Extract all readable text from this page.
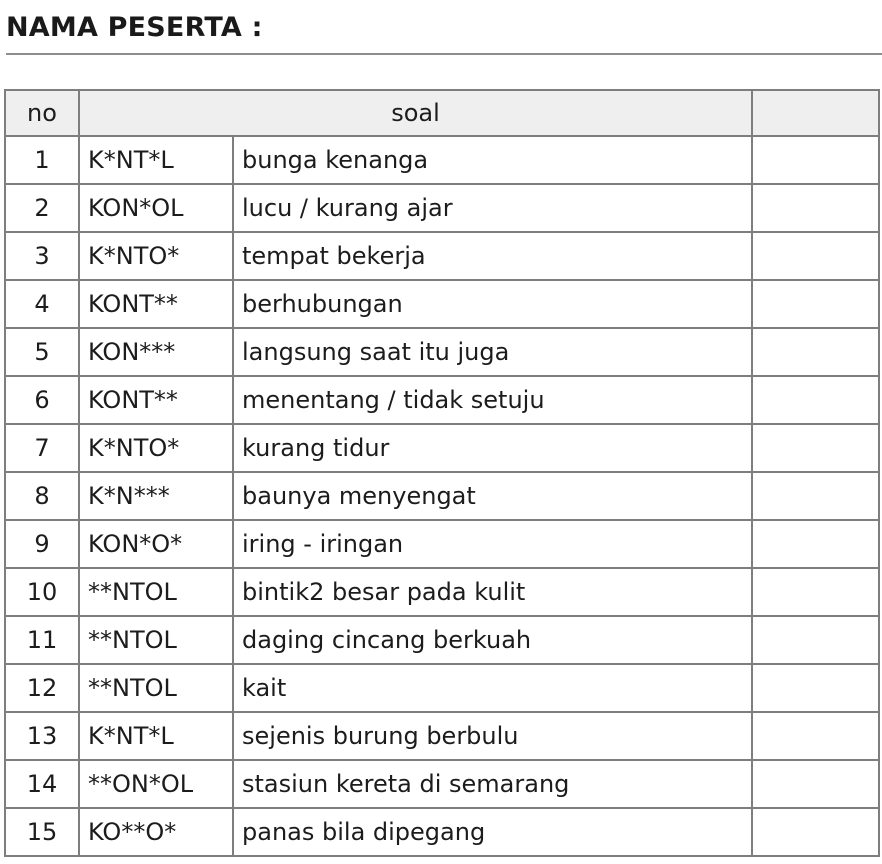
NAMA PESERTA :
no	soal		
1	K*NT*L	bunga kenanga	
2	KON*OL	lucu / kurang ajar	
3	K*NTO*	tempat bekerja	
4	KONT**	berhubungan	
5	KON***	langsung saat itu juga	
6	KONT**	menentang / tidak setuju	
7	K*NTO*	kurang tidur	
8	K*N***	baunya menyengat	
9	KON*O*	iring - iringan	
10	**NTOL	bintik2 besar pada kulit	
11	**NTOL	daging cincang berkuah	
12	**NTOL	kait	
13	K*NT*L	sejenis burung berbulu	
14	**ON*OL	stasiun kereta di semarang	
15	KO**O*	panas bila dipegang	
